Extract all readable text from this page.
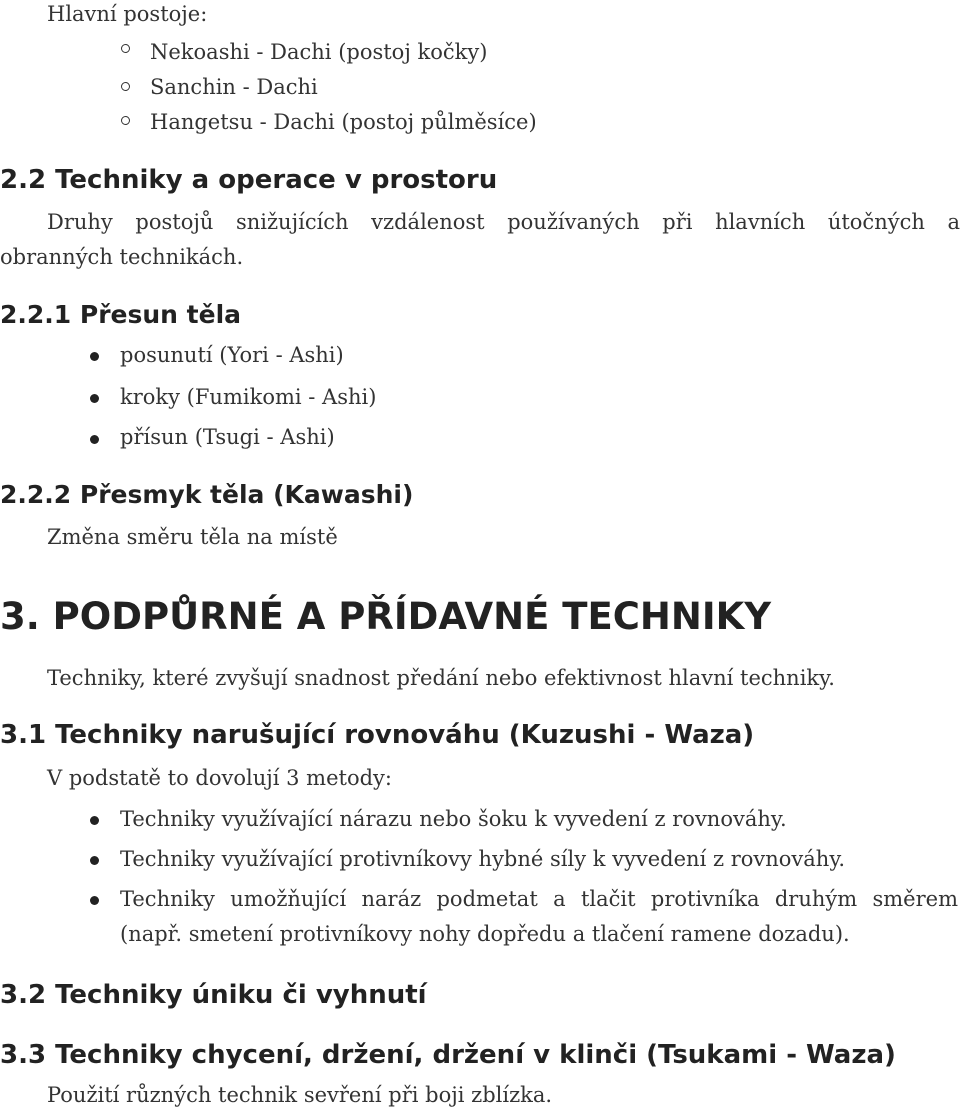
Hlavní postoje:
Nekoashi - Dachi (postoj kočky)
Sanchin - Dachi
Hangetsu - Dachi (postoj půlměsíce)
2.2 Techniky a operace v prostoru
Druhy postojů snižujících vzdálenost používaných při hlavních útočných a
obranných technikách.
2.2.1 Přesun těla
posunutí (Yori - Ashi)
kroky (Fumikomi - Ashi)
přísun (Tsugi - Ashi)
2.2.2 Přesmyk těla (Kawashi)
Změna směru těla na místě
3. PODPŮRNÉ A PŘÍDAVNÉ TECHNIKY
Techniky, které zvyšují snadnost předání nebo efektivnost hlavní techniky.
3.1 Techniky narušující rovnováhu (Kuzushi - Waza)
V podstatě to dovolují 3 metody:
Techniky využívající nárazu nebo šoku k vyvedení z rovnováhy.
Techniky využívající protivníkovy hybné síly k vyvedení z rovnováhy.
Techniky umožňující naráz podmetat a tlačit protivníka druhým směrem
(např. smetení protivníkovy nohy dopředu a tlačení ramene dozadu).
3.2 Techniky úniku či vyhnutí
3.3 Techniky chycení, držení, držení v klinči (Tsukami - Waza)
Použití různých technik sevření při boji zblízka.
